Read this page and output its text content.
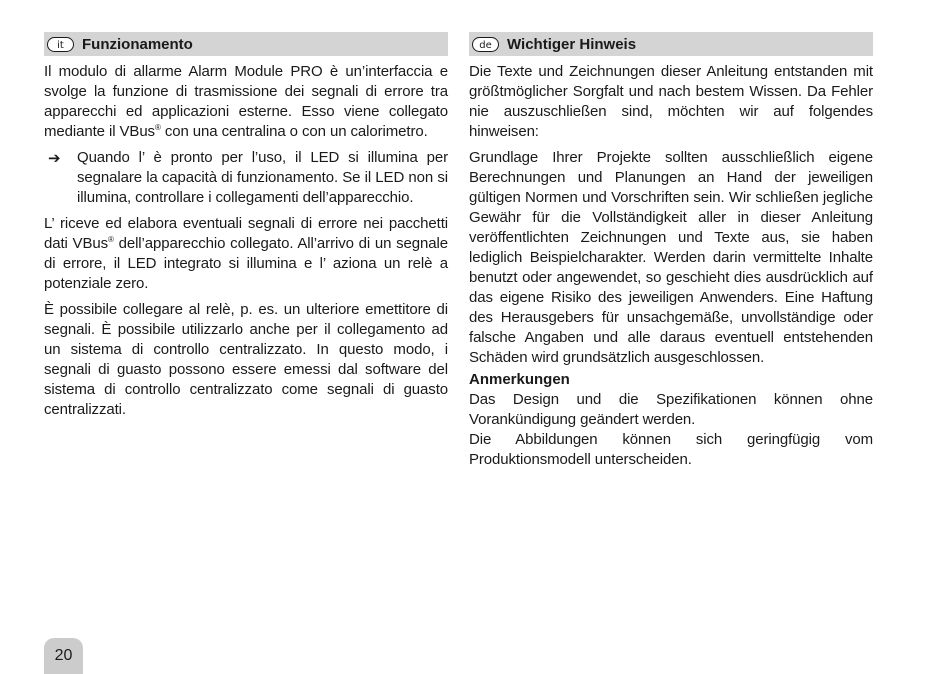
it	Funzionamento

Il modulo di allarme Alarm Module PRO è un’interfaccia e svolge la funzione di trasmissione dei segnali di errore tra apparecchi ed applicazioni esterne. Esso viene collegato mediante il VBus® con una centralina o con un calorimetro.

➔	Quando l’ è pronto per l’uso, il LED si illumina per segnalare la capacità di funzionamento. Se il LED non si illumina, controllare i collegamenti dell’apparecchio.

L’ riceve ed elabora eventuali segnali di errore nei pacchetti dati VBus® dell’apparecchio collegato. All’arrivo di un segnale di errore, il LED integrato si illumina e l’ aziona un relè a potenziale zero.

È possibile collegare al relè, p. es. un ulteriore emettitore di segnali. È possibile utilizzarlo anche per il collegamento ad un sistema di controllo centralizzato. In questo modo, i segnali di guasto possono essere emessi dal software del sistema di controllo centralizzato come segnali di guasto centralizzati.

de	Wichtiger Hinweis

Die Texte und Zeichnungen dieser Anleitung entstanden mit größtmöglicher Sorgfalt und nach bestem Wissen. Da Fehler nie auszuschließen sind, möchten wir auf folgendes hinweisen:

Grundlage Ihrer Projekte sollten ausschließlich eigene Berechnungen und Planungen an Hand der jeweiligen gültigen Normen und Vorschriften sein. Wir schließen jegliche Gewähr für die Vollständigkeit aller in dieser Anleitung veröffentlichten Zeichnungen und Texte aus, sie haben lediglich Beispielcharakter. Werden darin vermittelte Inhalte benutzt oder angewendet, so geschieht dies ausdrücklich auf das eigene Risiko des jeweiligen Anwenders. Eine Haftung des Herausgebers für unsachgemäße, unvollständige oder falsche Angaben und alle daraus eventuell entstehenden Schäden wird grundsätzlich ausgeschlossen.

Anmerkungen

Das Design und die Spezifikationen können ohne Vorankündigung geändert werden.

Die Abbildungen können sich geringfügig vom Produktionsmodell unterscheiden.

20
